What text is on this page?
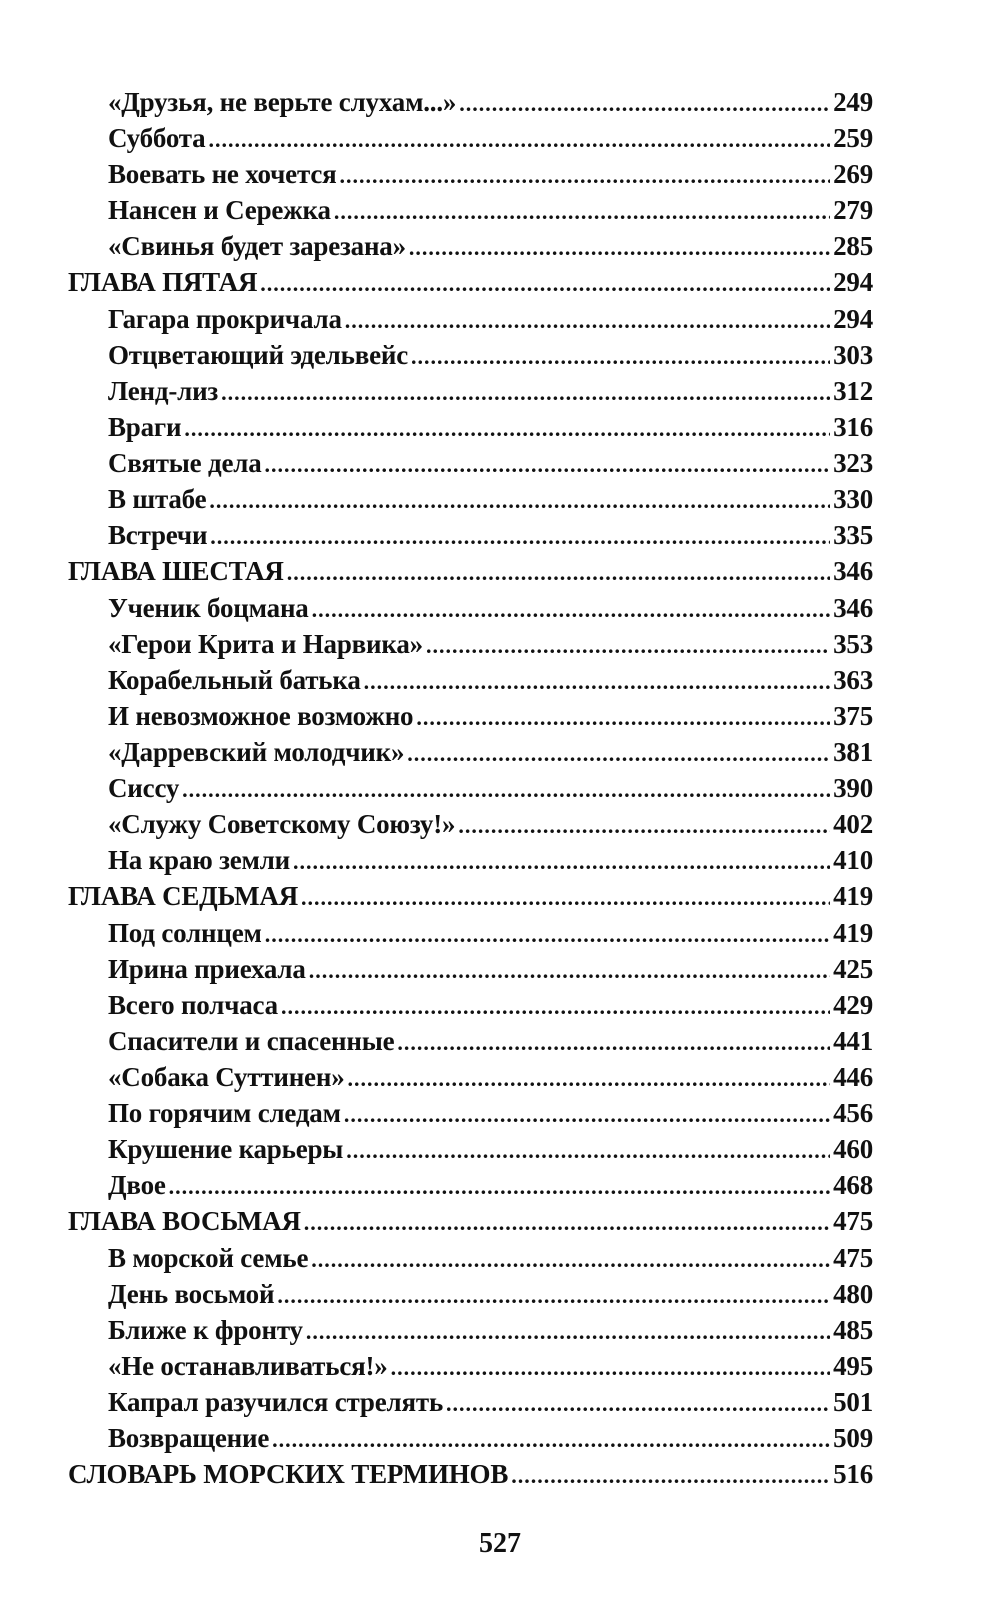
«Друзья, не верьте слухам...» .....	249
Суббота .....	259
Воевать не хочется .....	269
Нансен и Сережка .....	279
«Свинья будет зарезана» .....	285
ГЛАВА ПЯТАЯ .....	294
Гагара прокричала .....	294
Отцветающий эдельвейс .....	303
Ленд-лиз .....	312
Враги .....	316
Святые дела .....	323
В штабе .....	330
Встречи .....	335
ГЛАВА ШЕСТАЯ .....	346
Ученик боцмана .....	346
«Герои Крита и Нарвика» .....	353
Корабельный батька .....	363
И невозможное возможно .....	375
«Дарревский молодчик» .....	381
Сиссу .....	390
«Служу Советскому Союзу!» .....	402
На краю земли .....	410
ГЛАВА СЕДЬМАЯ .....	419
Под солнцем .....	419
Ирина приехала .....	425
Всего полчаса .....	429
Спасители и спасенные .....	441
«Собака Суттинен» .....	446
По горячим следам .....	456
Крушение карьеры .....	460
Двое .....	468
ГЛАВА ВОСЬМАЯ .....	475
В морской семье .....	475
День восьмой .....	480
Ближе к фронту .....	485
«Не останавливаться!» .....	495
Капрал разучился стрелять .....	501
Возвращение .....	509
СЛОВАРЬ МОРСКИХ ТЕРМИНОВ .....	516
527
